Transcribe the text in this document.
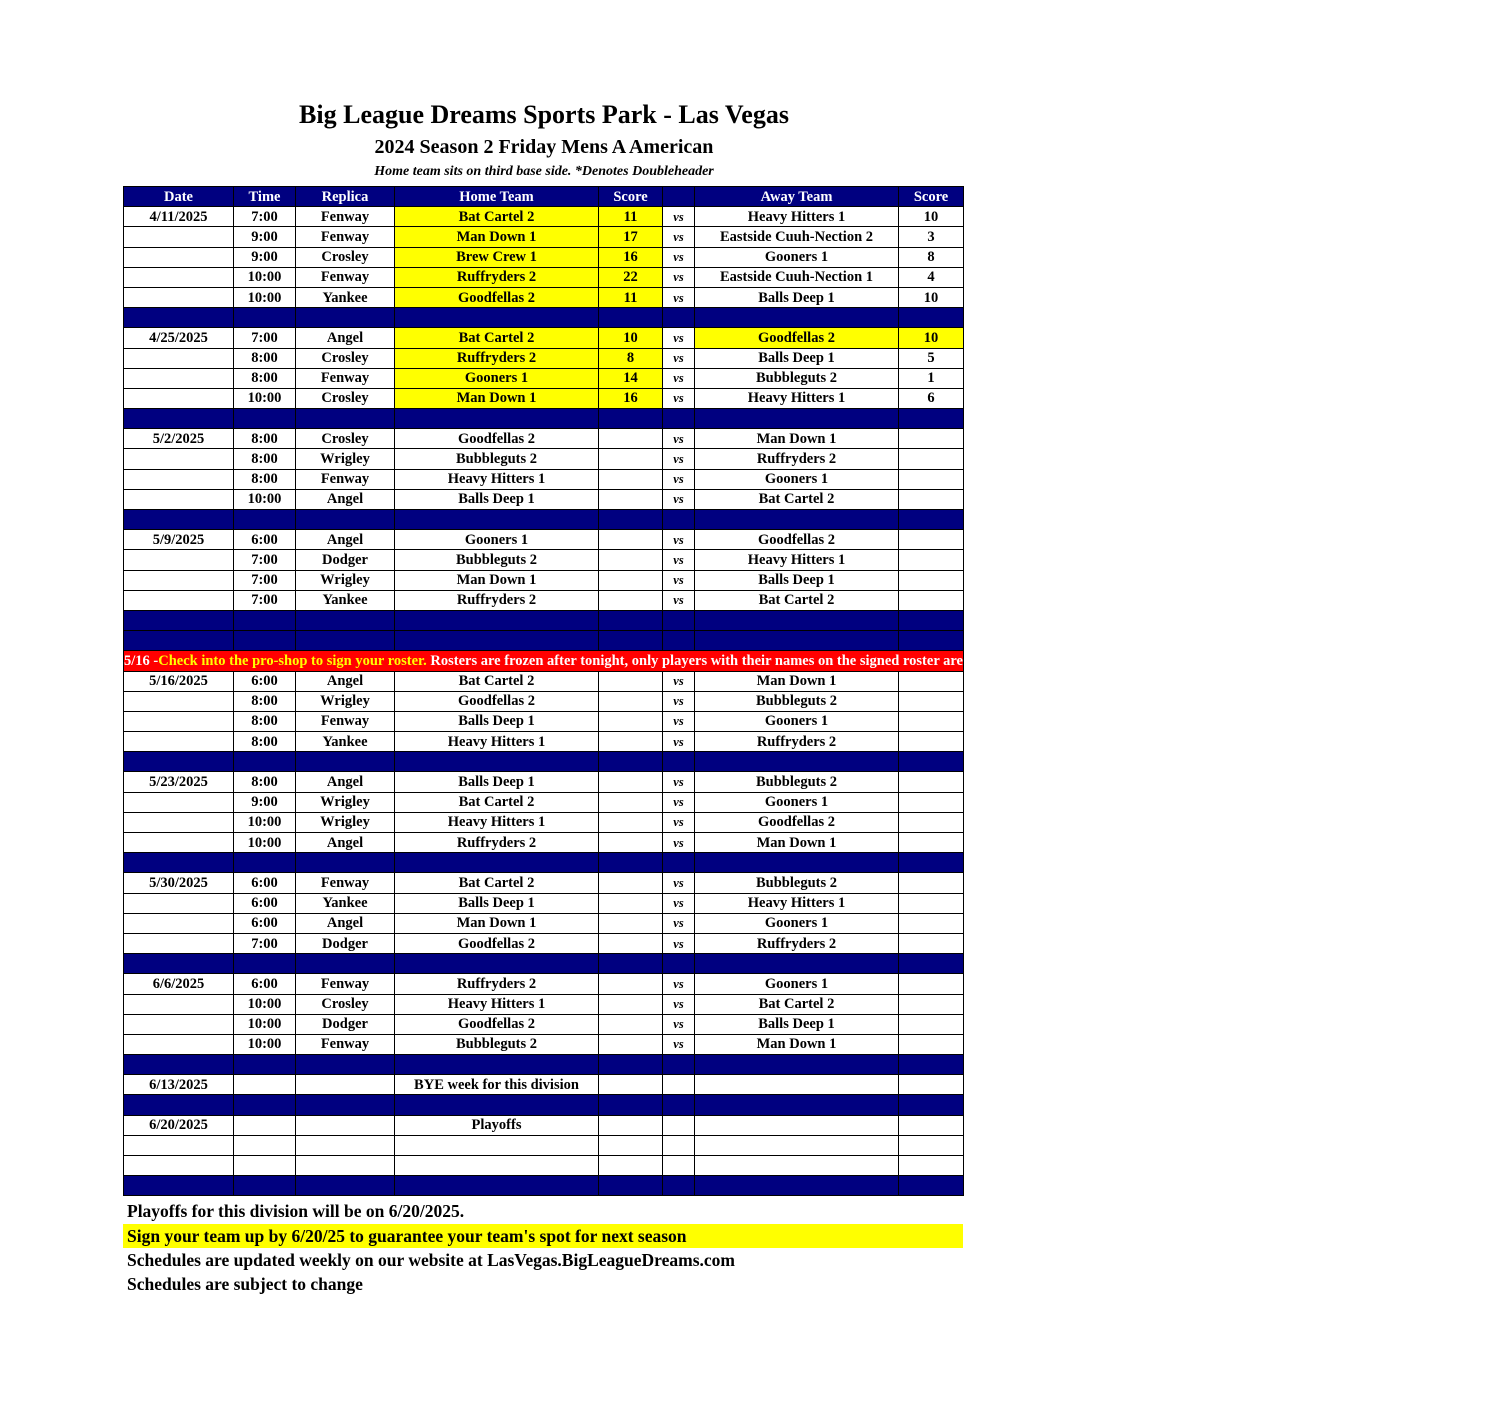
Big League Dreams Sports Park - Las Vegas
2024 Season 2 Friday Mens A American
Home team sits on third base side. *Denotes Doubleheader
Date	Time	Replica	Home Team	Score		Away Team	Score
4/11/2025	7:00	Fenway	Bat Cartel 2	11	vs	Heavy Hitters 1	10
	9:00	Fenway	Man Down 1	17	vs	Eastside Cuuh-Nection 2	3
	9:00	Crosley	Brew Crew 1	16	vs	Gooners 1	8
	10:00	Fenway	Ruffryders 2	22	vs	Eastside Cuuh-Nection 1	4
	10:00	Yankee	Goodfellas 2	11	vs	Balls Deep 1	10

4/25/2025	7:00	Angel	Bat Cartel 2	10	vs	Goodfellas 2	10
	8:00	Crosley	Ruffryders 2	8	vs	Balls Deep 1	5
	8:00	Fenway	Gooners 1	14	vs	Bubbleguts 2	1
	10:00	Crosley	Man Down 1	16	vs	Heavy Hitters 1	6

5/2/2025	8:00	Crosley	Goodfellas 2		vs	Man Down 1	
	8:00	Wrigley	Bubbleguts 2		vs	Ruffryders 2	
	8:00	Fenway	Heavy Hitters 1		vs	Gooners 1	
	10:00	Angel	Balls Deep 1		vs	Bat Cartel 2	

5/9/2025	6:00	Angel	Gooners 1		vs	Goodfellas 2	
	7:00	Dodger	Bubbleguts 2		vs	Heavy Hitters 1	
	7:00	Wrigley	Man Down 1		vs	Balls Deep 1	
	7:00	Yankee	Ruffryders 2		vs	Bat Cartel 2	

5/16 -Check into the pro-shop to sign your roster. Rosters are frozen after tonight, only players with their names on the signed roster are eligible for playoffs. Please check carefully as changes will not be made for omissions.							
5/16/2025	6:00	Angel	Bat Cartel 2		vs	Man Down 1	
	8:00	Wrigley	Goodfellas 2		vs	Bubbleguts 2	
	8:00	Fenway	Balls Deep 1		vs	Gooners 1	
	8:00	Yankee	Heavy Hitters 1		vs	Ruffryders 2	

5/23/2025	8:00	Angel	Balls Deep 1		vs	Bubbleguts 2	
	9:00	Wrigley	Bat Cartel 2		vs	Gooners 1	
	10:00	Wrigley	Heavy Hitters 1		vs	Goodfellas 2	
	10:00	Angel	Ruffryders 2		vs	Man Down 1	

5/30/2025	6:00	Fenway	Bat Cartel 2		vs	Bubbleguts 2	
	6:00	Yankee	Balls Deep 1		vs	Heavy Hitters 1	
	6:00	Angel	Man Down 1		vs	Gooners 1	
	7:00	Dodger	Goodfellas 2		vs	Ruffryders 2	

6/6/2025	6:00	Fenway	Ruffryders 2		vs	Gooners 1	
	10:00	Crosley	Heavy Hitters 1		vs	Bat Cartel 2	
	10:00	Dodger	Goodfellas 2		vs	Balls Deep 1	
	10:00	Fenway	Bubbleguts 2		vs	Man Down 1	

6/13/2025			BYE week for this division				

6/20/2025			Playoffs				

Playoffs for this division will be on 6/20/2025.
Sign your team up by 6/20/25 to guarantee your team's spot for next season
Schedules are updated weekly on our website at LasVegas.BigLeagueDreams.com
Schedules are subject to change
